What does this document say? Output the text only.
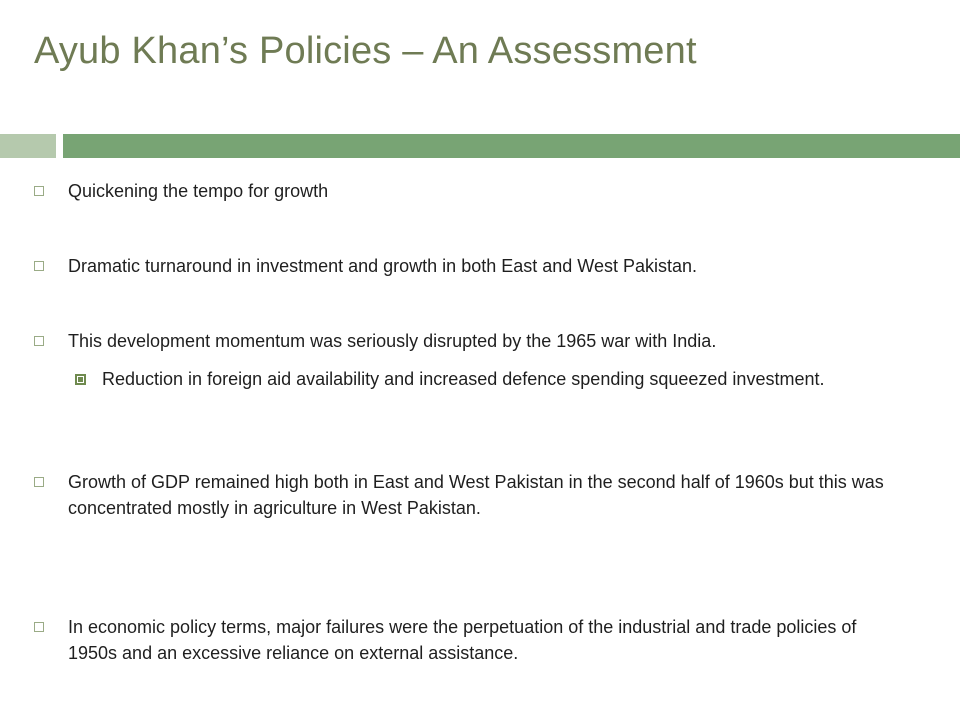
Ayub Khan’s Policies – An Assessment
Quickening the tempo for growth
Dramatic turnaround in investment and growth in both East and West Pakistan.
This development momentum was seriously disrupted by the 1965 war with India.
Reduction in foreign aid availability and increased defence spending squeezed investment.
Growth of GDP remained high both in East and West Pakistan in the second half of 1960s but this was concentrated mostly in agriculture in West Pakistan.
In economic policy terms, major failures were the perpetuation of the industrial and trade policies of 1950s and an excessive reliance on external assistance.
